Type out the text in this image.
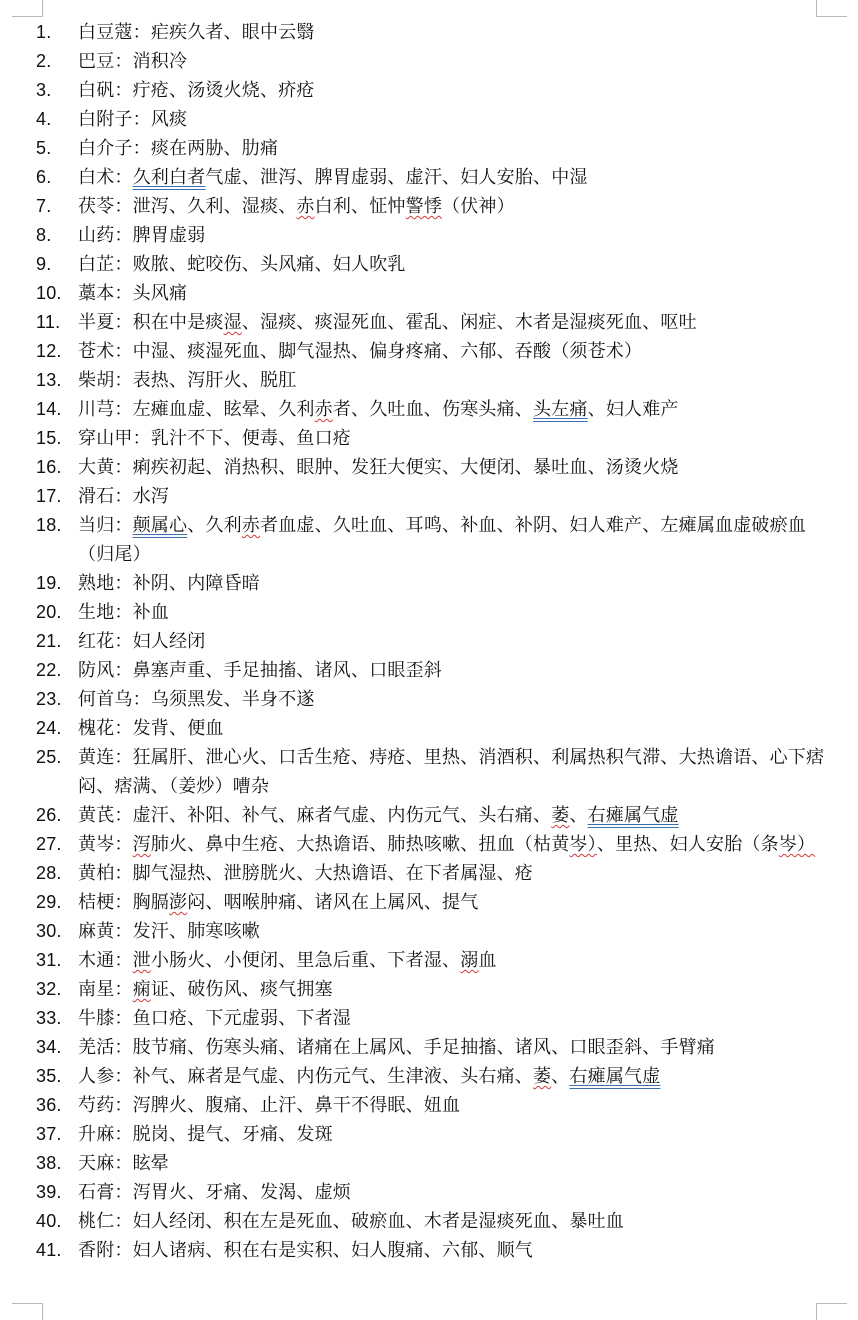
1.	白豆蔻：疟疾久者、眼中云翳
2.	巴豆：消积冷
3.	白矾：疔疮、汤烫火烧、疥疮
4.	白附子：风痰
5.	白介子：痰在两胁、肋痛
6.	白术：久利白者气虚、泄泻、脾胃虚弱、虚汗、妇人安胎、中湿
7.	茯苓：泄泻、久利、湿痰、赤白利、怔忡警悸（伏神）
8.	山药：脾胃虚弱
9.	白芷：败脓、蛇咬伤、头风痛、妇人吹乳
10. 藁本：头风痛
11. 半夏：积在中是痰湿、湿痰、痰湿死血、霍乱、闲症、木者是湿痰死血、呕吐
12. 苍术：中湿、痰湿死血、脚气湿热、偏身疼痛、六郁、吞酸（须苍术）
13. 柴胡：表热、泻肝火、脱肛
14. 川芎：左瘫血虚、眩晕、久利赤者、久吐血、伤寒头痛、头左痛、妇人难产
15. 穿山甲：乳汁不下、便毒、鱼口疮
16. 大黄：痢疾初起、消热积、眼肿、发狂大便实、大便闭、暴吐血、汤烫火烧
17. 滑石：水泻
18. 当归：颠属心、久利赤者血虚、久吐血、耳鸣、补血、补阴、妇人难产、左瘫属血虚破瘀血（归尾）
19. 熟地：补阴、内障昏暗
20. 生地：补血
21. 红花：妇人经闭
22. 防风：鼻塞声重、手足抽搐、诸风、口眼歪斜
23. 何首乌：乌须黑发、半身不遂
24. 槐花：发背、便血
25. 黄连：狂属肝、泄心火、口舌生疮、痔疮、里热、消酒积、利属热积气滞、大热谵语、心下痞闷、痞满、（姜炒）嘈杂
26. 黄芪：虚汗、补阳、补气、麻者气虚、内伤元气、头右痛、萎、右瘫属气虚
27. 黄岑：泻肺火、鼻中生疮、大热谵语、肺热咳嗽、扭血（枯黄岑）、里热、妇人安胎（条岑）
28. 黄柏：脚气湿热、泄膀胱火、大热谵语、在下者属湿、疮
29. 桔梗：胸膈澎闷、咽喉肿痛、诸风在上属风、提气
30. 麻黄：发汗、肺寒咳嗽
31. 木通：泄小肠火、小便闭、里急后重、下者湿、溺血
32. 南星：痫证、破伤风、痰气拥塞
33. 牛膝：鱼口疮、下元虚弱、下者湿
34. 羌活：肢节痛、伤寒头痛、诸痛在上属风、手足抽搐、诸风、口眼歪斜、手臂痛
35. 人参：补气、麻者是气虚、内伤元气、生津液、头右痛、萎、右瘫属气虚
36. 芍药：泻脾火、腹痛、止汗、鼻干不得眠、妞血
37. 升麻：脱岗、提气、牙痛、发斑
38. 天麻：眩晕
39. 石膏：泻胃火、牙痛、发渴、虚烦
40. 桃仁：妇人经闭、积在左是死血、破瘀血、木者是湿痰死血、暴吐血
41. 香附：妇人诸病、积在右是实积、妇人腹痛、六郁、顺气
